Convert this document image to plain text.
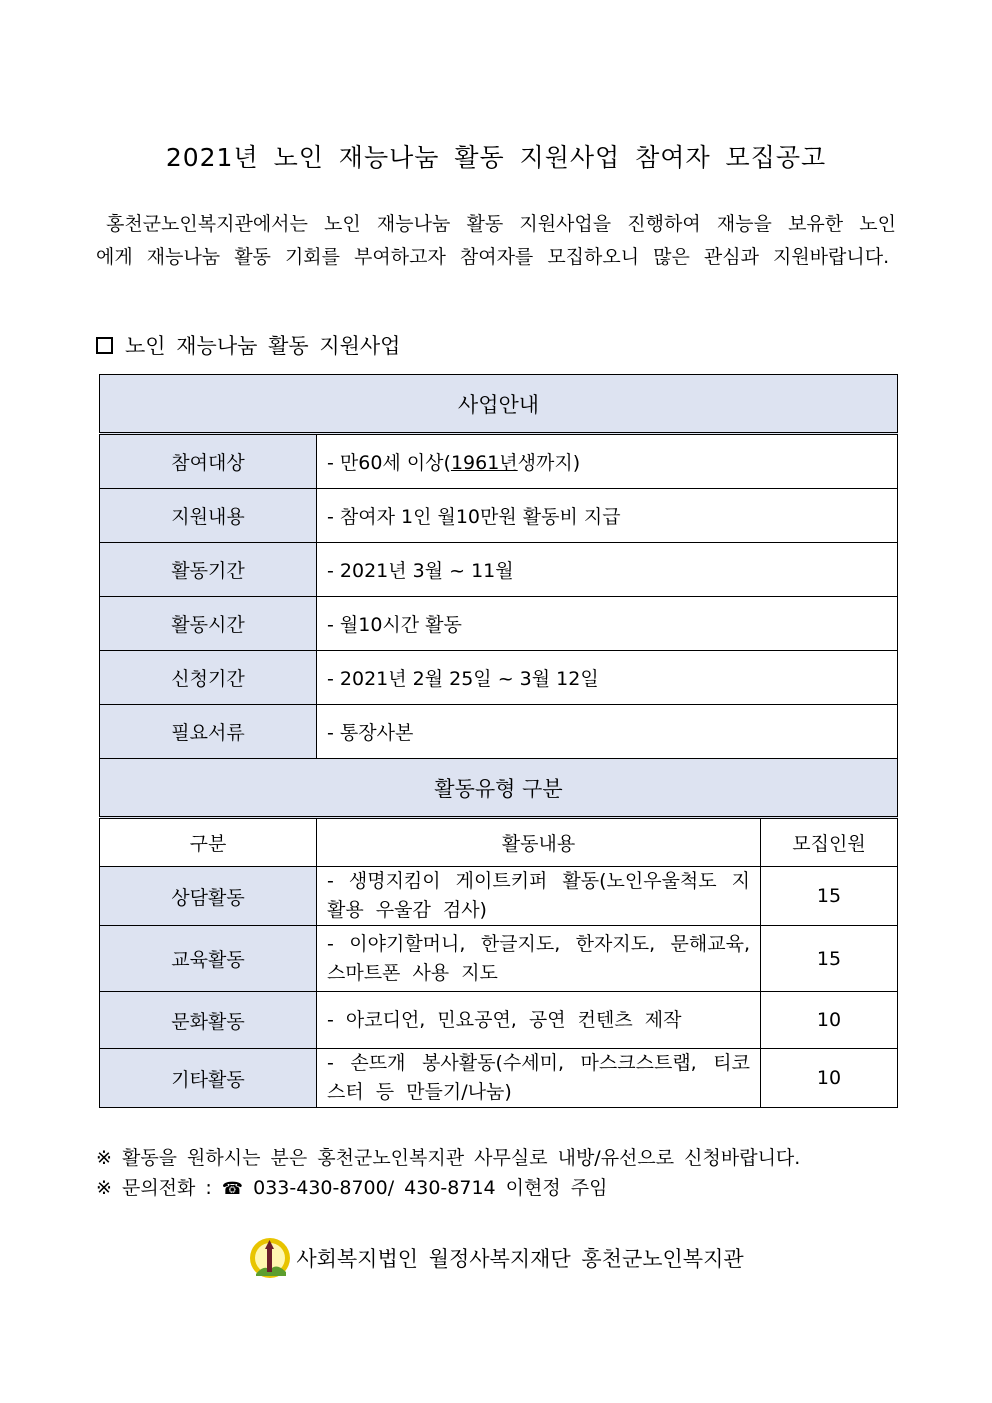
2021년 노인 재능나눔 활동 지원사업 참여자 모집공고
홍천군노인복지관에서는 노인 재능나눔 활동 지원사업을 진행하여 재능을 보유한 노인에게 재능나눔 활동 기회를 부여하고자 참여자를 모집하오니 많은 관심과 지원바랍니다.
노인 재능나눔 활동 지원사업
사업안내		
참여대상	- 만60세 이상(1961년생까지)	
지원내용	- 참여자 1인 월10만원 활동비 지급	
활동기간	- 2021년 3월 ~ 11월	
활동시간	- 월10시간 활동	
신청기간	- 2021년 2월 25일 ~ 3월 12일	
필요서류	- 통장사본	
활동유형 구분		
구분	활동내용	모집인원
상담활동	- 생명지킴이 게이트키퍼 활동(노인우울척도 지 활용 우울감 검사)	15
교육활동	- 이야기할머니, 한글지도, 한자지도, 문해교육, 스마트폰 사용 지도	15
문화활동	- 아코디언, 민요공연, 공연 컨텐츠 제작	10
기타활동	- 손뜨개 봉사활동(수세미, 마스크스트랩, 티코스터 등 만들기/나눔)	10
※ 활동을 원하시는 분은 홍천군노인복지관 사무실로 내방/유선으로 신청바랍니다.
※ 문의전화 : ☎ 033-430-8700/ 430-8714 이현정 주임
사회복지법인 월정사복지재단 홍천군노인복지관
